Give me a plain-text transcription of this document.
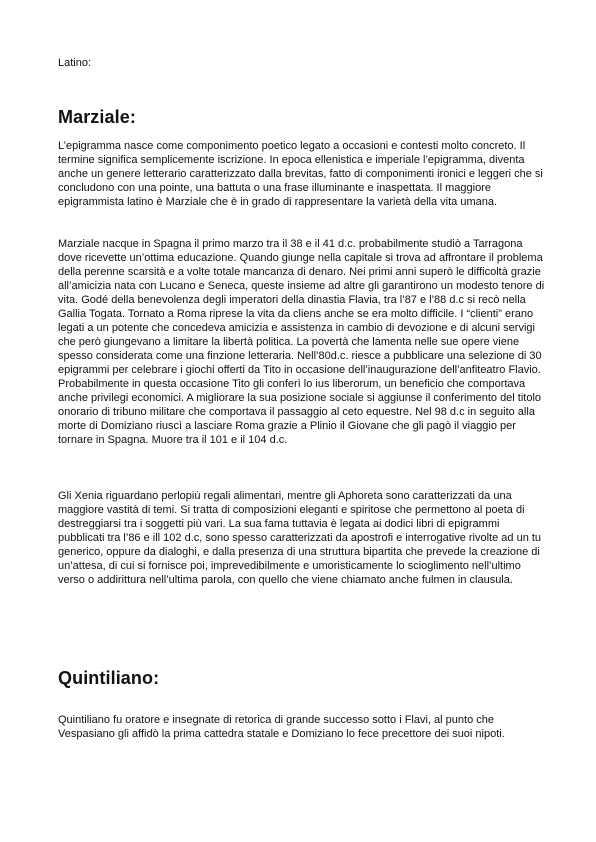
Latino:

Marziale:

L’epigramma nasce come componimento poetico legato a occasioni e contesti molto concreto. Il termine significa semplicemente iscrizione. In epoca ellenistica e imperiale l’epigramma, diventa anche un genere letterario caratterizzato dalla brevitas, fatto di componimenti ironici e leggeri che si concludono con una pointe, una battuta o una frase illuminante e inaspettata. Il maggiore epigrammista latino è Marziale che è in grado di rappresentare la varietà della vita umana.

Marziale nacque in Spagna il primo marzo tra il 38 e il 41 d.c. probabilmente studiò a Tarragona dove ricevette un’ottima educazione. Quando giunge nella capitale si trova ad affrontare il problema della perenne scarsità e a volte totale mancanza di denaro. Nei primi anni superò le difficoltà grazie all’amicizia nata con Lucano e Seneca, queste insieme ad altre gli garantirono un modesto tenore di vita. Godé della benevolenza degli imperatori della dinastia Flavia, tra l’87 e l’88 d.c si recò nella Gallia Togata. Tornato a Roma riprese la vita da cliens anche se era molto difficile. I “clienti” erano legati a un potente che concedeva amicizia e assistenza in cambio di devozione e di alcuni servigi che però giungevano a limitare la libertà politica. La povertà che lamenta nelle sue opere viene spesso considerata come una finzione letteraria. Nell’80d.c. riesce a pubblicare una selezione di 30 epigrammi per celebrare i giochi offerti da Tito in occasione dell’inaugurazione dell’anfiteatro Flavio. Probabilmente in questa occasione Tito gli conferì lo ius liberorum, un beneficio che comportava anche privilegi economici. A migliorare la sua posizione sociale si aggiunse il conferimento del titolo onorario di tribuno militare che comportava il passaggio al ceto equestre. Nel 98 d.c in seguito alla morte di Domiziano riuscì a lasciare Roma grazie a Plinio il Giovane che gli pagò il viaggio per tornare in Spagna. Muore tra il 101 e il 104 d.c.

Gli Xenia riguardano perlopiù regali alimentari, mentre gli Aphoreta sono caratterizzati da una maggiore vastità di temi. Si tratta di composizioni eleganti e spiritose che permettono al poeta di destreggiarsi tra i soggetti più vari. La sua fama tuttavia è legata ai dodici libri di epigrammi pubblicati tra l’86 e ill 102 d.c, sono spesso caratterizzati da apostrofi e interrogative rivolte ad un tu generico, oppure da dialoghi, e dalla presenza di una struttura bipartita che prevede la creazione di un’attesa, di cui si fornisce poi, imprevedibilmente e umoristicamente lo scioglimento nell’ultimo verso o addirittura nell’ultima parola, con quello che viene chiamato anche fulmen in clausula.

Quintiliano:

Quintiliano fu oratore e insegnate di retorica di grande successo sotto i Flavi, al punto che Vespasiano gli affidò la prima cattedra statale e Domiziano lo fece precettore dei suoi nipoti.
